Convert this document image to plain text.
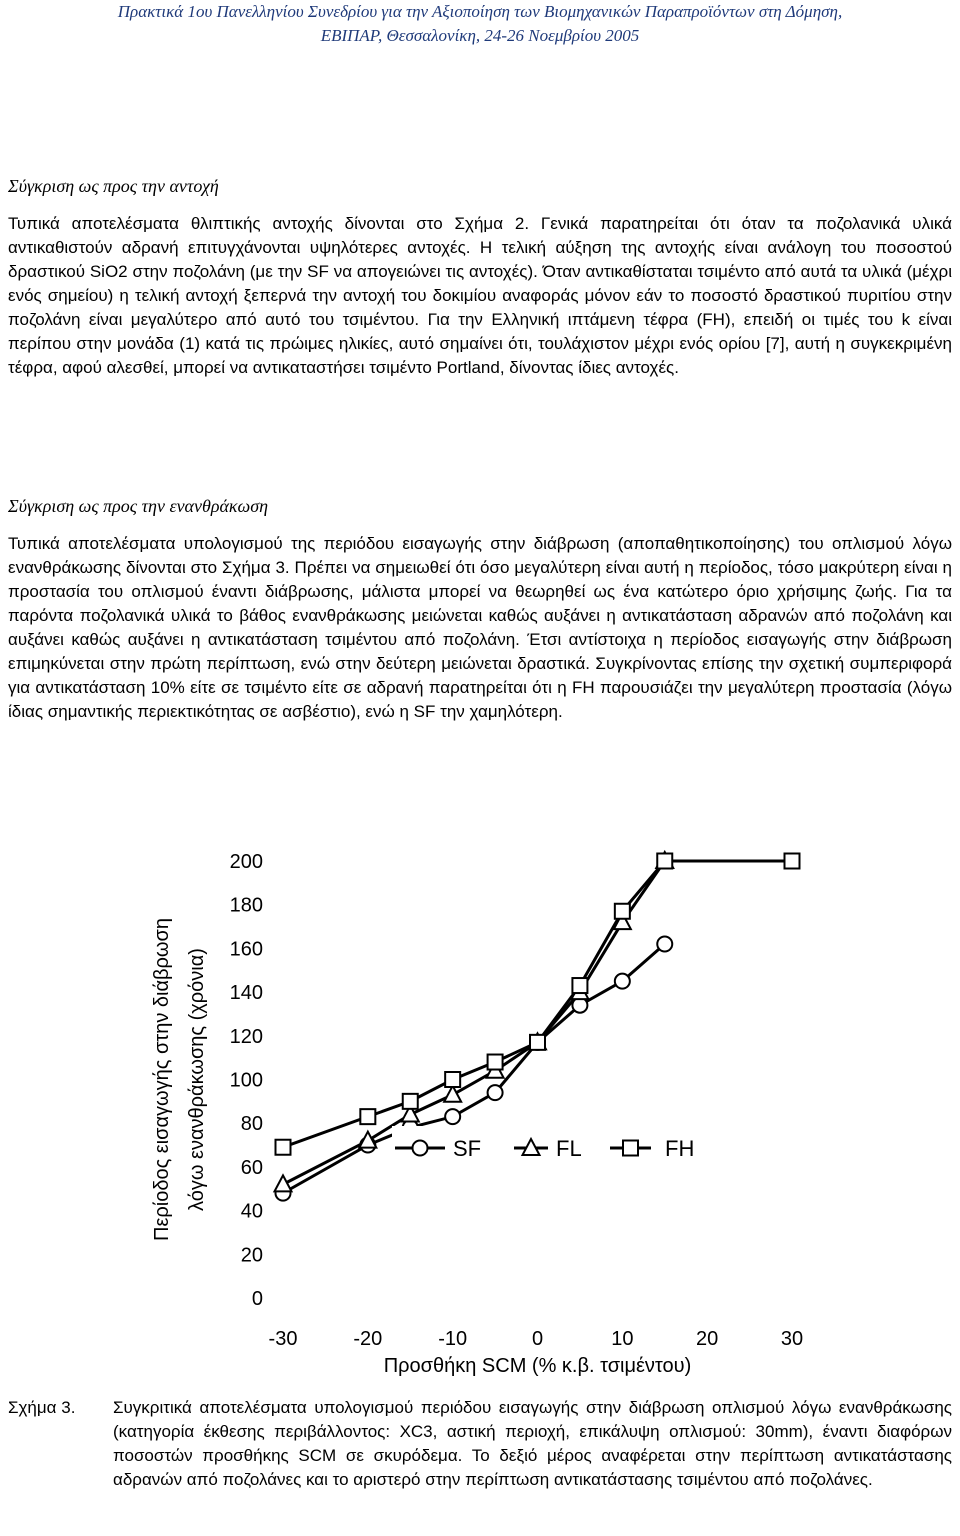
Πρακτικά 1ου Πανελληνίου Συνεδρίου για την Αξιοποίηση των Βιομηχανικών Παραπροϊόντων στη Δόμηση,
ΕΒΙΠΑΡ, Θεσσαλονίκη, 24-26 Νοεμβρίου 2005

Σύγκριση ως προς την αντοχή

Τυπικά αποτελέσματα θλιπτικής αντοχής δίνονται στο Σχήμα 2. Γενικά παρατηρείται ότι όταν τα ποζολανικά υλικά αντικαθιστούν αδρανή επιτυγχάνονται υψηλότερες αντοχές. Η τελική αύξηση της αντοχής είναι ανάλογη του ποσοστού δραστικού SiO2 στην ποζολάνη (με την SF να απογειώνει τις αντοχές). Όταν αντικαθίσταται τσιμέντο από αυτά τα υλικά (μέχρι ενός σημείου) η τελική αντοχή ξεπερνά την αντοχή του δοκιμίου αναφοράς μόνον εάν το ποσοστό δραστικού πυριτίου στην ποζολάνη είναι μεγαλύτερο από αυτό του τσιμέντου. Για την Ελληνική ιπτάμενη τέφρα (FH), επειδή οι τιμές του k είναι περίπου στην μονάδα (1) κατά τις πρώιμες ηλικίες, αυτό σημαίνει ότι, τουλάχιστον μέχρι ενός ορίου [7], αυτή η συγκεκριμένη τέφρα, αφού αλεσθεί, μπορεί να αντικαταστήσει τσιμέντο Portland, δίνοντας ίδιες αντοχές.

Σύγκριση ως προς την ενανθράκωση

Τυπικά αποτελέσματα υπολογισμού της περιόδου εισαγωγής στην διάβρωση (αποπαθητικοποίησης) του οπλισμού λόγω ενανθράκωσης δίνονται στο Σχήμα 3. Πρέπει να σημειωθεί ότι όσο μεγαλύτερη είναι αυτή η περίοδος, τόσο μακρύτερη είναι η προστασία του οπλισμού έναντι διάβρωσης, μάλιστα μπορεί να θεωρηθεί ως ένα κατώτερο όριο χρήσιμης ζωής. Για τα παρόντα ποζολανικά υλικά το βάθος ενανθράκωσης μειώνεται καθώς αυξάνει η αντικατάσταση αδρανών από ποζολάνη και αυξάνει καθώς αυξάνει η αντικατάσταση τσιμέντου από ποζολάνη. Έτσι αντίστοιχα η περίοδος εισαγωγής στην διάβρωση επιμηκύνεται στην πρώτη περίπτωση, ενώ στην δεύτερη μειώνεται δραστικά. Συγκρίνοντας επίσης την σχετική συμπεριφορά για αντικατάσταση 10% είτε σε τσιμέντο είτε σε αδρανή παρατηρείται ότι η FH παρουσιάζει την μεγαλύτερη προστασία (λόγω ίδιας σημαντικής περιεκτικότητας σε ασβέστιο), ενώ η SF την χαμηλότερη.

0
20
40
60
80
100
120
140
160
180
200
-30	-20	-10	0	10	20	30
Προσθήκη SCM (% κ.β. τσιμέντου)
Περίοδος εισαγωγής στην διάβρωση λόγω ενανθράκωσης (χρόνια)	SF	FL	FH
Σχήμα 3. Συγκριτικά αποτελέσματα υπολογισμού περιόδου εισαγωγής στην διάβρωση οπλισμού λόγω ενανθράκωσης (κατηγορία έκθεσης περιβάλλοντος: XC3, αστική περιοχή, επικάλυψη οπλισμού: 30mm), έναντι διαφόρων ποσοστών προσθήκης SCM σε σκυρόδεμα. Το δεξιό μέρος αναφέρεται στην περίπτωση αντικατάστασης αδρανών από ποζολάνες και το αριστερό στην περίπτωση αντικατάστασης τσιμέντου από ποζολάνες.
